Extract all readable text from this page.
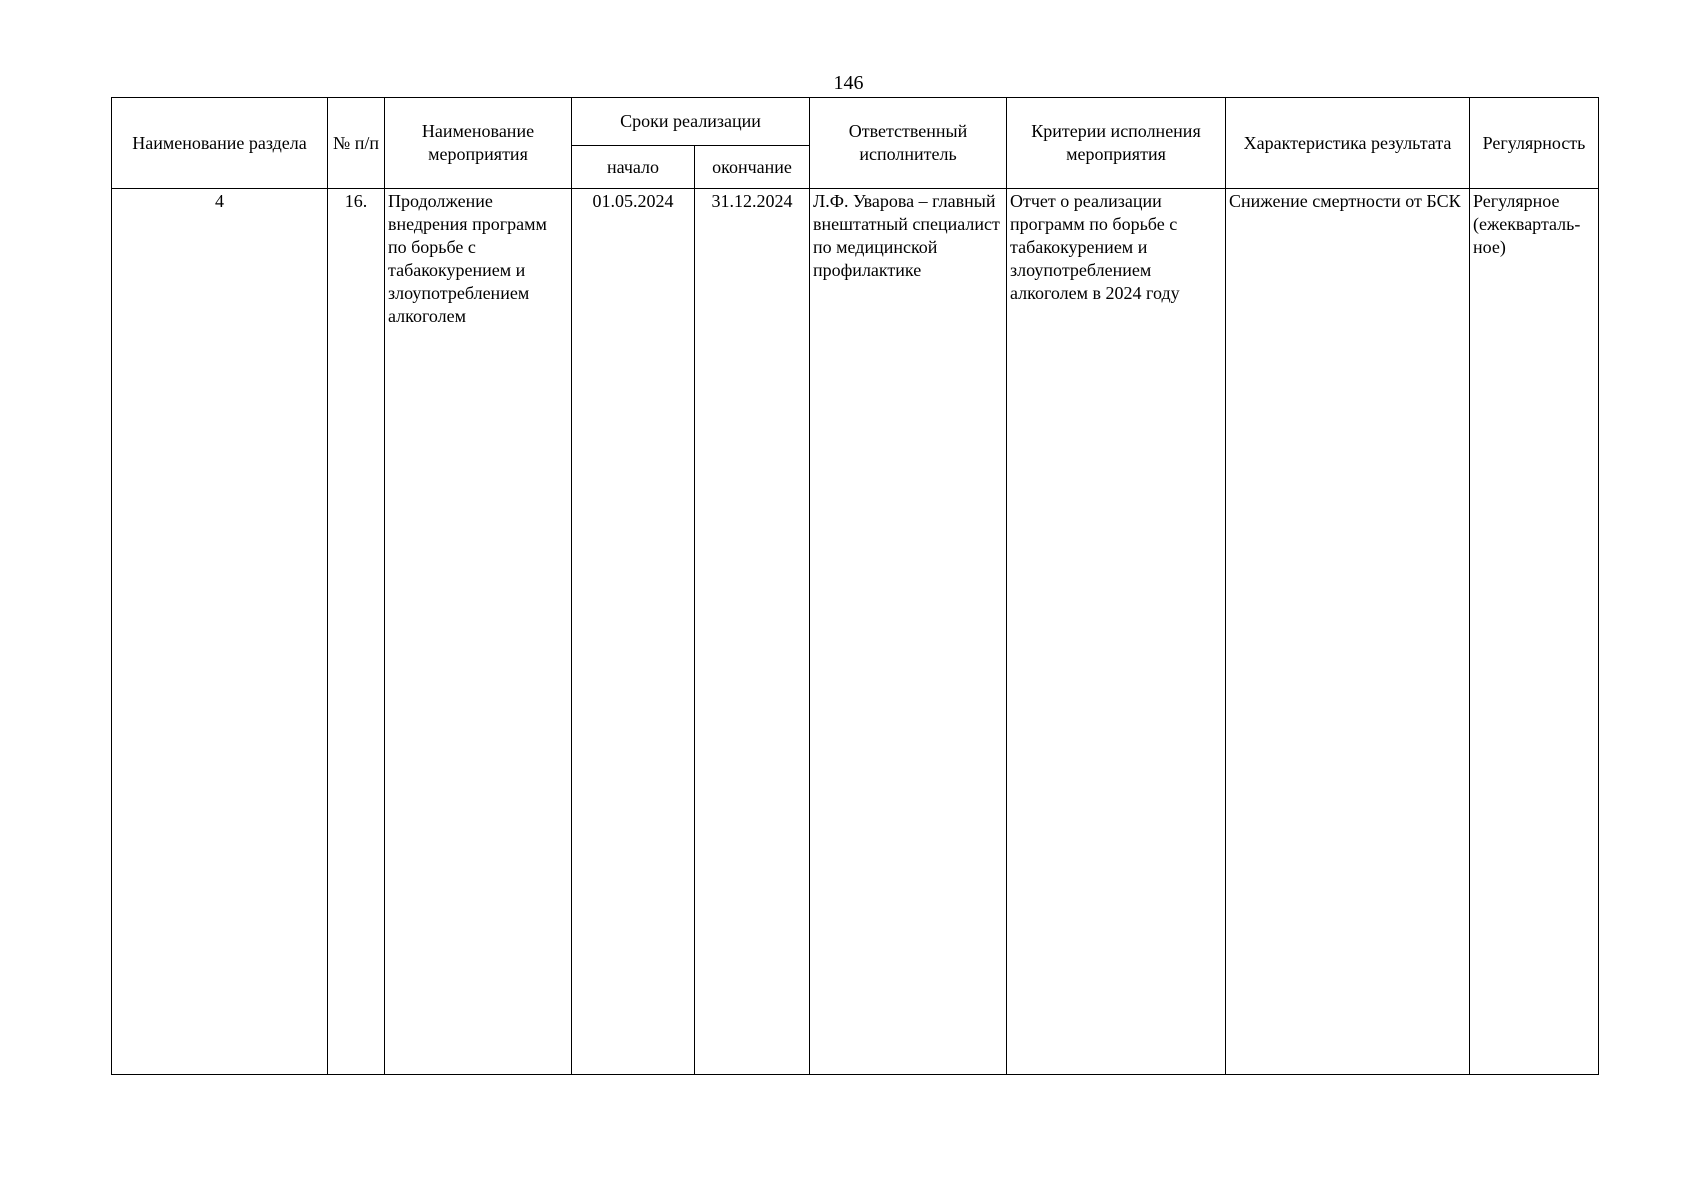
146
Наименование раздела	№ п/п	Наименование мероприятия	Сроки реализации		Ответственный исполнитель	Критерии исполнения мероприятия	Характеристика результата	Регулярность
			начало	окончание				
4	16.	Продолжение внедрения программ по борьбе с табакокурением и злоупотреблением алкоголем	01.05.2024	31.12.2024	Л.Ф. Уварова – главный внештатный специалист по медицинской профилактике	Отчет о реализации программ по борьбе с табакокурением и злоупотреблением алкоголем в 2024 году	Снижение смертности от БСК	Регулярное (ежекварталь-ное)
